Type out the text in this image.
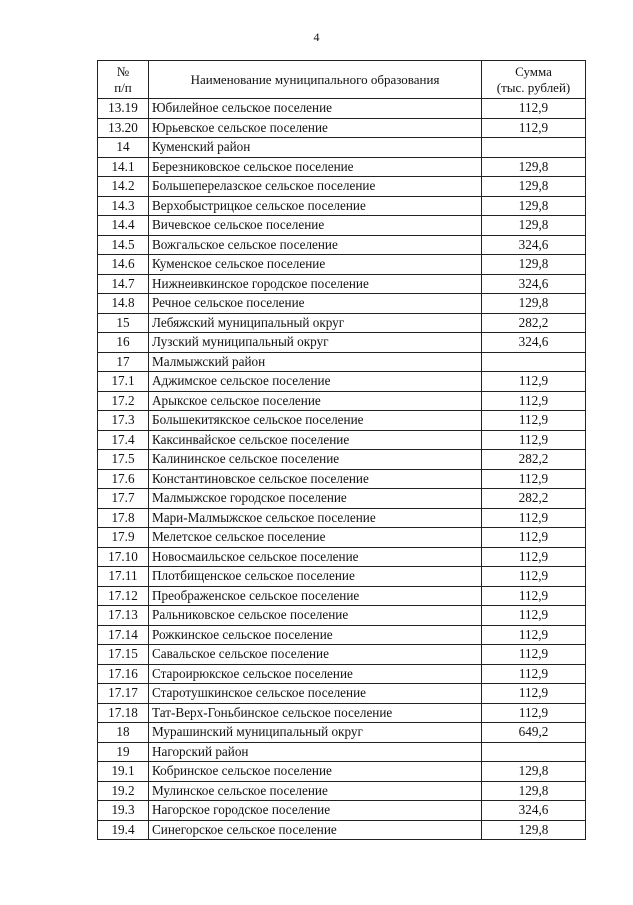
4
№
п/п	Наименование муниципального образования	Сумма
(тыс. рублей)

13.19	Юбилейное сельское поселение	112,9
13.20	Юрьевское сельское поселение	112,9
14	Куменский район	
14.1	Березниковское сельское поселение	129,8
14.2	Большеперелазское сельское поселение	129,8
14.3	Верхобыстрицкое сельское поселение	129,8
14.4	Вичевское сельское поселение	129,8
14.5	Вожгальское сельское поселение	324,6
14.6	Куменское сельское поселение	129,8
14.7	Нижнеивкинское городское поселение	324,6
14.8	Речное сельское поселение	129,8
15	Лебяжский муниципальный округ	282,2
16	Лузский муниципальный округ	324,6
17	Малмыжский район	
17.1	Аджимское сельское поселение	112,9
17.2	Арыкское сельское поселение	112,9
17.3	Большекитякское сельское поселение	112,9
17.4	Каксинвайское сельское поселение	112,9
17.5	Калининское сельское поселение	282,2
17.6	Константиновское сельское поселение	112,9
17.7	Малмыжское городское поселение	282,2
17.8	Мари-Малмыжское сельское поселение	112,9
17.9	Мелетское сельское поселение	112,9
17.10	Новосмаильское сельское поселение	112,9
17.11	Плотбищенское сельское поселение	112,9
17.12	Преображенское сельское поселение	112,9
17.13	Ральниковское сельское поселение	112,9
17.14	Рожкинское сельское поселение	112,9
17.15	Савальское сельское поселение	112,9
17.16	Староирюкское сельское поселение	112,9
17.17	Старотушкинское сельское поселение	112,9
17.18	Тат-Верх-Гоньбинское сельское поселение	112,9
18	Мурашинский муниципальный округ	649,2
19	Нагорский район	
19.1	Кобринское сельское поселение	129,8
19.2	Мулинское сельское поселение	129,8
19.3	Нагорское городское поселение	324,6
19.4	Синегорское сельское поселение	129,8
